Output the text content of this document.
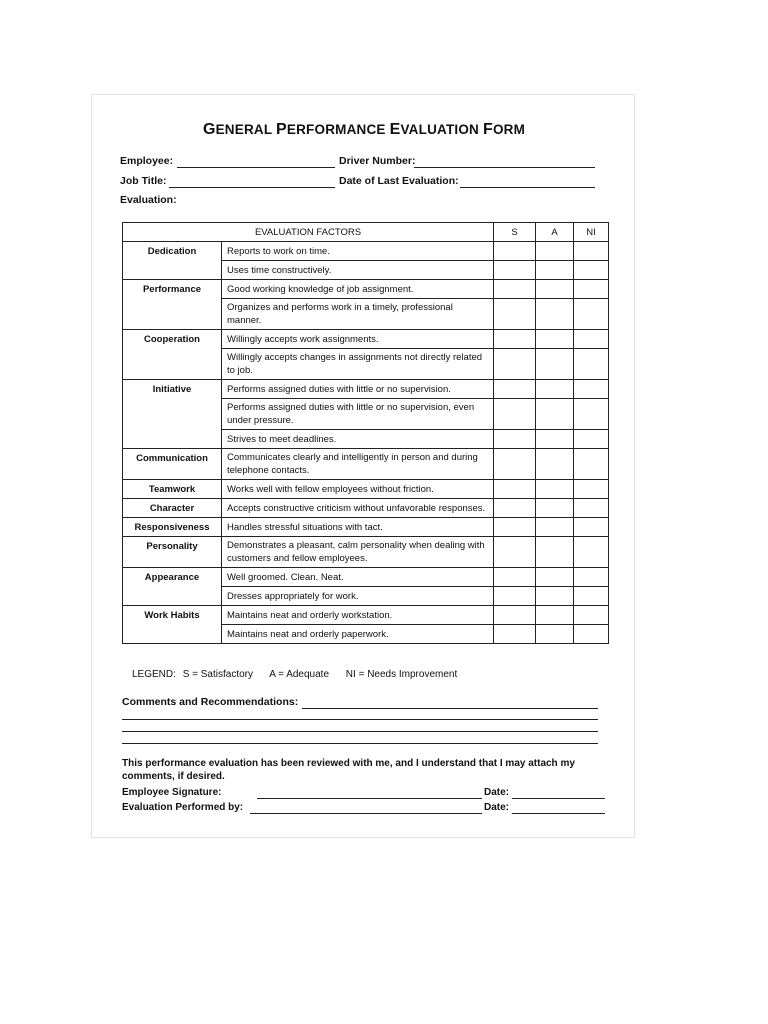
GENERAL PERFORMANCE EVALUATION FORM
Employee:	Driver Number:
Job Title:	Date of Last Evaluation:
Evaluation:
EVALUATION FACTORS		S	A	NI
Dedication	Reports to work on time.			
	Uses time constructively.			
Performance	Good working knowledge of job assignment.			
	Organizes and performs work in a timely, professional manner.			
Cooperation	Willingly accepts work assignments.			
	Willingly accepts changes in assignments not directly related to job.			
Initiative	Performs assigned duties with little or no supervision.			
	Performs assigned duties with little or no supervision, even under pressure.			
	Strives to meet deadlines.			
Communication	Communicates clearly and intelligently in person and during telephone contacts.			
Teamwork	Works well with fellow employees without friction.			
Character	Accepts constructive criticism without unfavorable responses.			
Responsiveness	Handles stressful situations with tact.			
Personality	Demonstrates a pleasant, calm personality when dealing with customers and fellow employees.			
Appearance	Well groomed. Clean. Neat.			
	Dresses appropriately for work.			
Work Habits	Maintains neat and orderly workstation.			
	Maintains neat and orderly paperwork.			
LEGEND: S = Satisfactory A = Adequate NI = Needs Improvement
Comments and Recommendations:
This performance evaluation has been reviewed with me, and I understand that I may attach my comments, if desired.
Employee Signature:	Date:
Evaluation Performed by:	Date:
